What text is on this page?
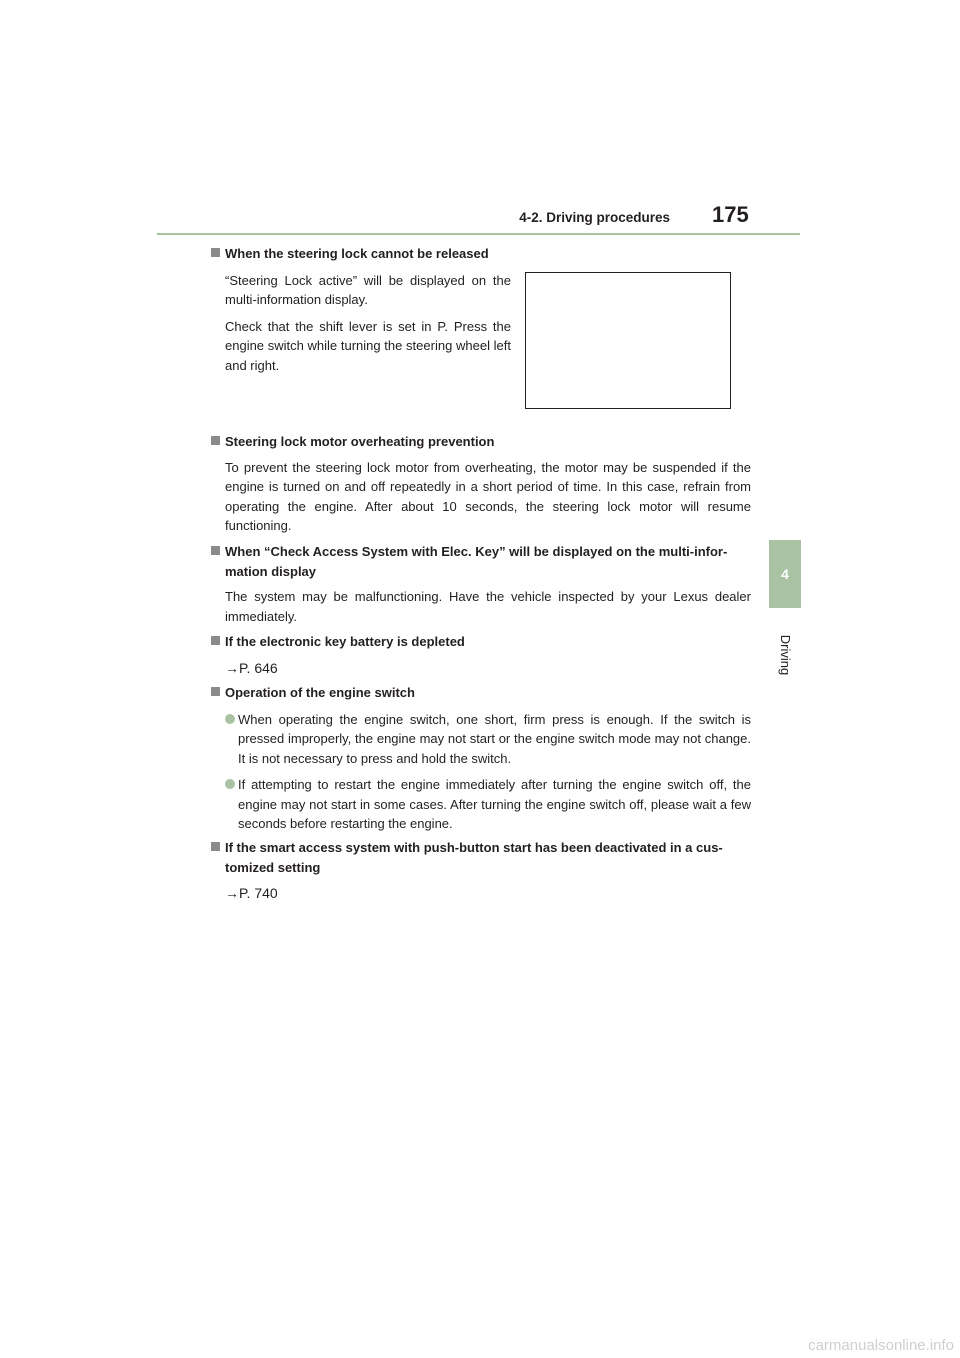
4-2. Driving procedures 175
4
Driving
When the steering lock cannot be released
“Steering Lock active” will be displayed on the multi-information display.
Check that the shift lever is set in P. Press the engine switch while turning the steering wheel left and right.
Steering lock motor overheating prevention
To prevent the steering lock motor from overheating, the motor may be suspended if the engine is turned on and off repeatedly in a short period of time. In this case, refrain from operating the engine. After about 10 seconds, the steering lock motor will resume functioning.
When “Check Access System with Elec. Key” will be displayed on the multi-infor-mation display
The system may be malfunctioning. Have the vehicle inspected by your Lexus dealer immediately.
If the electronic key battery is depleted
→P. 646
Operation of the engine switch
When operating the engine switch, one short, firm press is enough. If the switch is pressed improperly, the engine may not start or the engine switch mode may not change. It is not necessary to press and hold the switch.
If attempting to restart the engine immediately after turning the engine switch off, the engine may not start in some cases. After turning the engine switch off, please wait a few seconds before restarting the engine.
If the smart access system with push-button start has been deactivated in a cus-tomized setting
→P. 740
carmanualsonline.info
